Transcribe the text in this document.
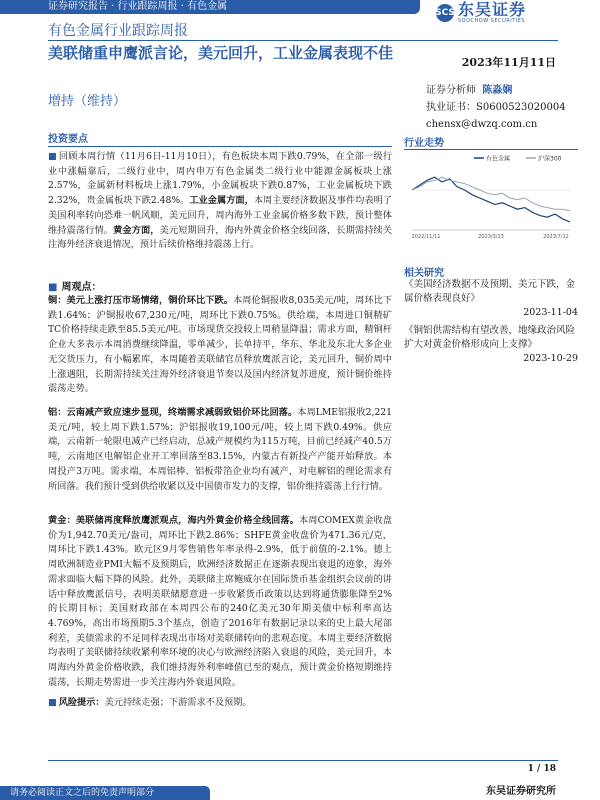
证券研究报告 · 行业跟踪周报 · 有色金属
SCS 东吴证券
SOOCHOW SECURITIES
有色金属行业跟踪周报
美联储重申鹰派言论，美元回升，工业金属表现不佳
2023年11月11日
增持（维持）
证券分析师 陈淼娴
执业证书：S0600523020004
chensx@dwzq.com.cn
投资要点
■ 回顾本周行情（11月6日-11月10日），有色板块本周下跌0.79%，在全部一级行业中涨幅靠后，二级行业中，周内申万有色金属类二级行业中能源金属板块上涨2.57%，金属新材料板块上涨1.79%，小金属板块下跌0.87%，工业金属板块下跌2.32%，贵金属板块下跌2.48%。工业金属方面，本周主要经济数据及事件均表明了美国利率转向恐难一帆风顺，美元回升，周内海外工业金属价格多数下跌，预计整体维持震荡行情。黄金方面，美元短期回升，海内外黄金价格全线回落，长期需持续关注海外经济衰退情况，预计后续价格维持震荡上行。
■ 周观点：
铜：美元上涨打压市场情绪，铜价环比下跌。本周伦铜报收8,035美元/吨，周环比下跌1.64%；沪铜报收67,230元/吨，周环比下跌0.75%。供给端，本周进口铜精矿TC价格持续走跌至85.5美元/吨。市场现货交投较上周稍显降温；需求方面，精铜杆企业大多表示本周消费继续降温，零单减少，长单持平，华东、华北及东北大多企业无交货压力，有小幅累库，本周随着美联储官员释放鹰派言论，美元回升，铜价周中上涨遇阻，长期需持续关注海外经济衰退节奏以及国内经济复苏进度，预计铜价维持震荡走势。
铝：云南减产致应速步显现，终端需求减弱致铝价环比回落。本周LME铝报收2,221美元/吨，较上周下跌1.57%；沪铝报收19,100元/吨，较上周下跌0.49%。供应端，云南新一轮限电减产已经启动，总减产规模约为115万吨，目前已经减产40.5万吨，云南地区电解铝企业开工率回落至83.15%，内蒙古有新投产产能开始释放。本周投产3万吨。需求端，本周铝棒、铝板带箔企业均有减产，对电解铝的理论需求有所回落。我们预计受到供给收紧以及中国债市发力的支撑，铝价维持震荡上行行情。
黄金：美联储再度释放鹰派观点，海内外黄金价格全线回落。本周COMEX黄金收盘价为1,942.70美元/盎司，周环比下跌2.86%；SHFE黄金收盘价为471.36元/克，周环比下跌1.43%。欧元区9月零售销售年率录得-2.9%，低于前值的-2.1%。德上周欧洲制造业PMI大幅不及预期后，欧洲经济数据正在逐渐表现出衰退的迹象，海外需求面临大幅下降的风险。此外，美联储主席鲍威尔在国际货币基金组织会议前的讲话中释放鹰派信号，表明美联储愿意进一步收紧货币政策以达到将通货膨胀降至2%的长期目标；美国财政部在本周四公布的240亿美元30年期美债中标利率高达4.769%，高出市场预期5.3个基点，创造了2016年有数据记录以来的史上最大尾部利差，美债需求的不足同样表现出市场对美联储转向的悲观态度。本周主要经济数据均表明了美联储持续收紧利率环境的决心与欧洲经济陷入衰退的风险，美元回升，本周海内外黄金价格收跌，我们维持海外利率峰值已至的观点，预计黄金价格短期维持震荡，长期走势需进一步关注海内外衰退风险。
■ 风险提示：美元持续走强；下游需求不及预期。
行业走势
有色金属	沪深300
2022/11/11	2023/3/13	2023/7/12
相关研究
《美国经济数据不及预期、美元下跌，金属价格表现良好》
2023-11-04
《铜铝供需结构有望改善，地缘政治风险扩大对黄金价格形成向上支撑》
2023-10-29
1 / 18
东吴证券研究所
请务必阅读正文之后的免责声明部分
